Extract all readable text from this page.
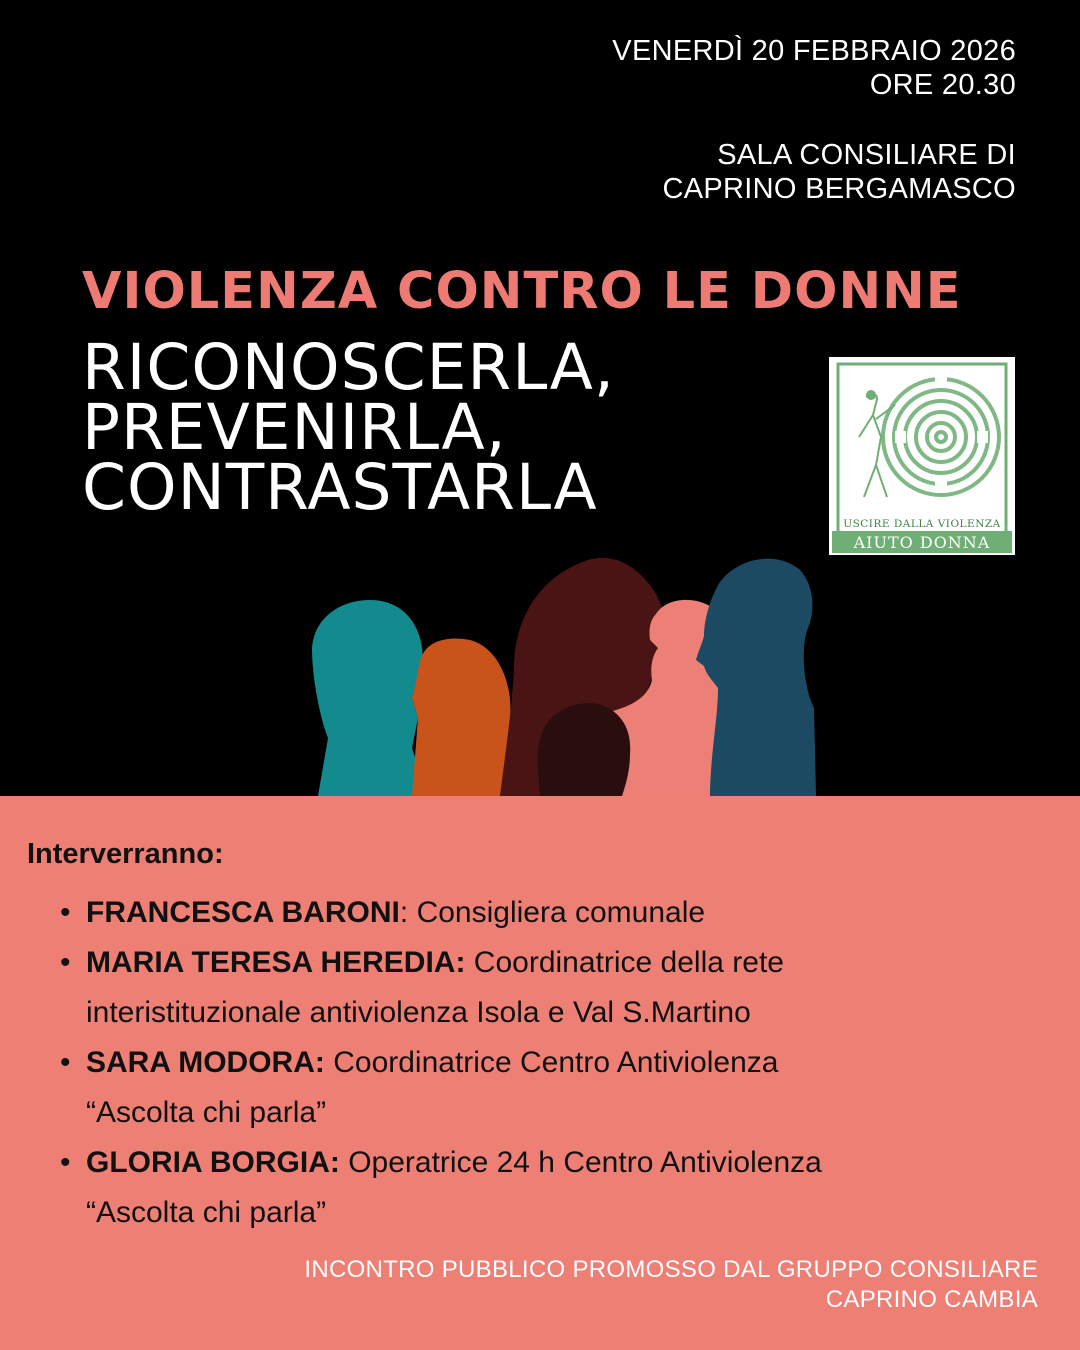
VENERDÌ 20 FEBBRAIO 2026
ORE 20.30
SALA CONSILIARE DI
CAPRINO BERGAMASCO
VIOLENZA CONTRO LE DONNE
RICONOSCERLA,
PREVENIRLA,
CONTRASTARLA	USCIRE DALLA VIOLENZA
AIUTO DONNA
Interverranno:
• FRANCESCA BARONI: Consigliera comunale
• MARIA TERESA HEREDIA: Coordinatrice della rete interistituzionale antiviolenza Isola e Val S.Martino
• SARA MODORA: Coordinatrice Centro Antiviolenza
“Ascolta chi parla”
• GLORIA BORGIA: Operatrice 24 h Centro Antiviolenza
“Ascolta chi parla”
INCONTRO PUBBLICO PROMOSSO DAL GRUPPO CONSILIARE
CAPRINO CAMBIA
